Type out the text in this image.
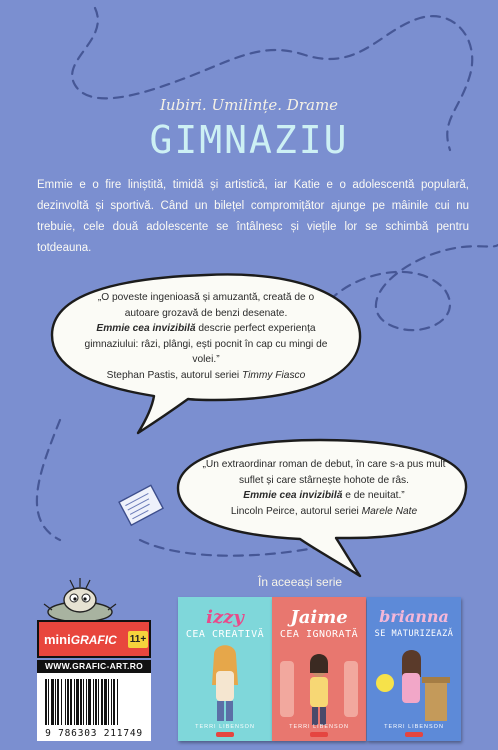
Iubiri. Umilințe. Drame
GIMNAZIU
Emmie e o fire liniștită, timidă și artistică, iar Katie e o adolescentă populară, dezinvoltă și sportivă. Când un bilețel compromițător ajunge pe mâinile cui nu trebuie, cele două adolescente se întâlnesc și viețile lor se schimbă pentru totdeauna.

„O poveste ingenioasă și amuzantă, creată de o autoare grozavă de benzi desenate.

Emmie cea invizibilă descrie perfect experiența gimnaziului: râzi, plângi, ești pocnit în cap cu mingi de volei.”

Stephan Pastis, autorul seriei Timmy Fiasco

„Un extraordinar roman de debut, în care s-a pus mult suflet și care stârnește hohote de râs.

Emmie cea invizibilă e de neuitat.”

Lincoln Peirce, autorul seriei Marele Nate

miniGRAFIC 11+
WWW.GRAFIC-ART.RO
9 786303 211749
În aceeași serie
izzy
CEA CREATIVĂ
TERRI LIBENSON
Jaime
CEA IGNORATĂ
TERRI LIBENSON
brianna
SE MATURIZEAZĂ
TERRI LIBENSON
